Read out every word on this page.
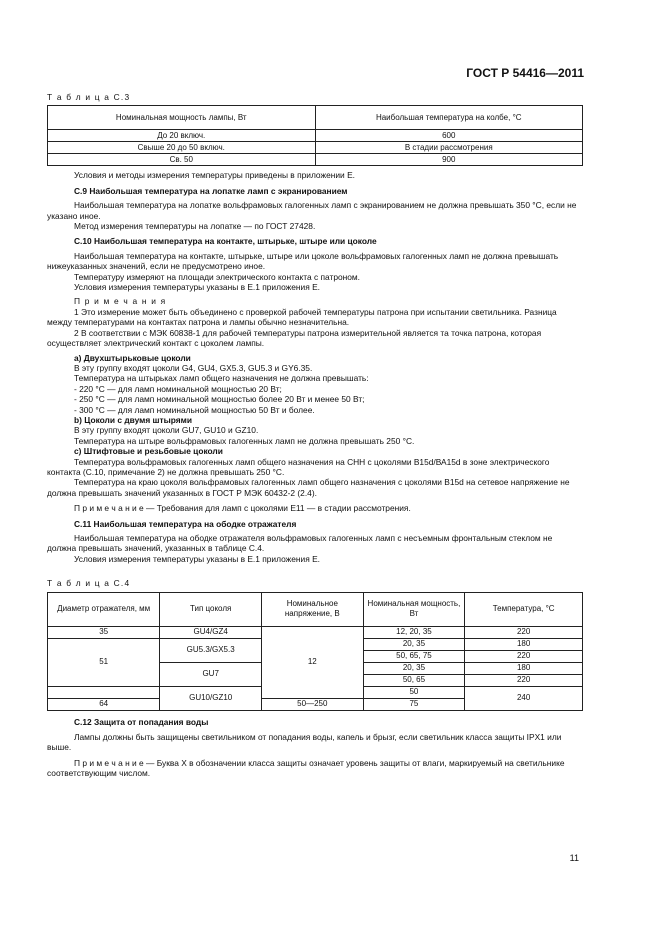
ГОСТ Р 54416—2011

Т а б л и ц а С.3

Номинальная мощность лампы, Вт	Наибольшая температура на колбе, °С
До 20 включ.	600
Свыше 20 до 50 включ.	В стадии рассмотрения
Св. 50	900

Условия и методы измерения температуры приведены в приложении Е.

С.9 Наибольшая температура на лопатке ламп с экранированием

Наибольшая температура на лопатке вольфрамовых галогенных ламп с экранированием не должна превышать 350 °С, если не указано иное.

Метод измерения температуры на лопатке — по ГОСТ 27428.

С.10 Наибольшая температура на контакте, штырьке, штыре или цоколе

Наибольшая температура на контакте, штырьке, штыре или цоколе вольфрамовых галогенных ламп не должна превышать нижеуказанных значений, если не предусмотрено иное.

Температуру измеряют на площади электрического контакта с патроном.

Условия измерения температуры указаны в Е.1 приложения Е.

П р и м е ч а н и я

1 Это измерение может быть объединено с проверкой рабочей температуры патрона при испытании светильника. Разница между температурами на контактах патрона и лампы обычно незначительна.

2 В соответствии с МЭК 60838-1 для рабочей температуры патрона измерительной является та точка патрона, которая осуществляет электрический контакт с цоколем лампы.

а) Двухштырьковые цоколи

В эту группу входят цоколи G4, GU4, GX5.3, GU5.3 и GY6.35.

Температура на штырьках ламп общего назначения не должна превышать:

- 220 °С — для ламп номинальной мощностью 20 Вт;

- 250 °С — для ламп номинальной мощностью более 20 Вт и менее 50 Вт;

- 300 °С — для ламп номинальной мощностью 50 Вт и более.

b) Цоколи с двумя штырями

В эту группу входят цоколи GU7, GU10 и GZ10.

Температура на штыре вольфрамовых галогенных ламп не должна превышать 250 °С.

с) Штифтовые и резьбовые цоколи

Температура вольфрамовых галогенных ламп общего назначения на СНН с цоколями В15d/ВА15d в зоне электрического контакта (С.10, примечание 2) не должна превышать 250 °С.

Температура на краю цоколя вольфрамовых галогенных ламп общего назначения с цоколями В15d на сетевое напряжение не должна превышать значений указанных в ГОСТ Р МЭК 60432-2 (2.4).

П р и м е ч а н и е — Требования для ламп с цоколями Е11 — в стадии рассмотрения.

С.11 Наибольшая температура на ободке отражателя

Наибольшая температура на ободке отражателя вольфрамовых галогенных ламп с несъемным фронтальным стеклом не должна превышать значений, указанных в таблице С.4.

Условия измерения температуры указаны в Е.1 приложения Е.

Т а б л и ц а С.4

Диаметр отражателя, мм	Тип цоколя	Номинальное напряжение, В	Номинальная мощность, Вт	Температура, °С
35	GU4/GZ4	12	12, 20, 35	220
51	GU5.3/GX5.3		20, 35	180
			50, 65, 75	220
	GU7		20, 35	180
			50, 65	220
	GU10/GZ10		50	240
64		50—250	75	

С.12 Защита от попадания воды

Лампы должны быть защищены светильником от попадания воды, капель и брызг, если светильник класса защиты IPX1 или выше.

П р и м е ч а н и е — Буква Х в обозначении класса защиты означает уровень защиты от влаги, маркируемый на светильнике соответствующим числом.

11
